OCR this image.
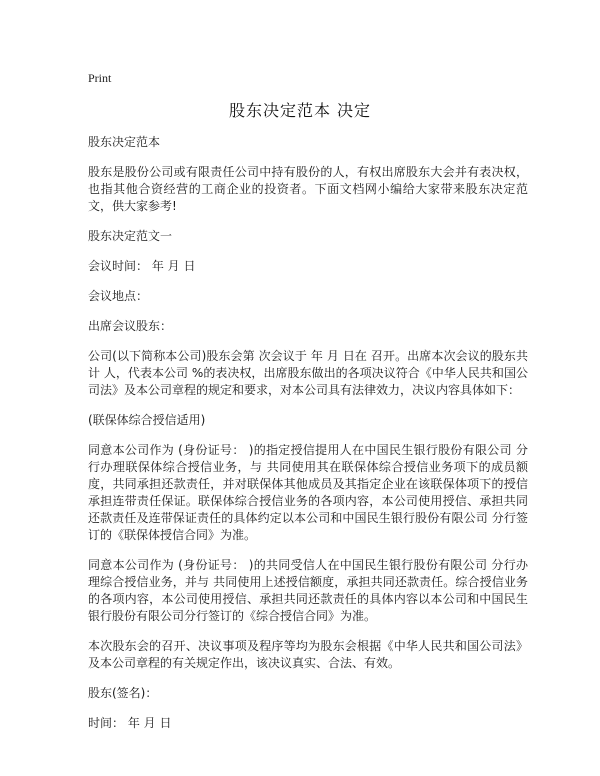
Print
股东决定范本 决定

股东决定范本

股东是股份公司或有限责任公司中持有股份的人，有权出席股东大会并有表决权，也指其他合资经营的工商企业的投资者。下面文档网小编给大家带来股东决定范文，供大家参考!

股东决定范文一

会议时间： 年 月 日

会议地点：

出席会议股东：

公司(以下简称本公司)股东会第 次会议于 年 月 日在 召开。出席本次会议的股东共计 人，代表本公司 %的表决权，出席股东做出的各项决议符合《中华人民共和国公司法》及本公司章程的规定和要求，对本公司具有法律效力，决议内容具体如下：

(联保体综合授信适用)

同意本公司作为 (身份证号： )的指定授信提用人在中国民生银行股份有限公司 分行办理联保体综合授信业务，与 共同使用其在联保体综合授信业务项下的成员额度，共同承担还款责任，并对联保体其他成员及其指定企业在该联保体项下的授信承担连带责任保证。联保体综合授信业务的各项内容，本公司使用授信、承担共同还款责任及连带保证责任的具体约定以本公司和中国民生银行股份有限公司 分行签订的《联保体授信合同》为准。

同意本公司作为 (身份证号： )的共同受信人在中国民生银行股份有限公司 分行办理综合授信业务，并与 共同使用上述授信额度，承担共同还款责任。综合授信业务的各项内容，本公司使用授信、承担共同还款责任的具体内容以本公司和中国民生银行股份有限公司分行签订的《综合授信合同》为准。

本次股东会的召开、决议事项及程序等均为股东会根据《中华人民共和国公司法》及本公司章程的有关规定作出，该决议真实、合法、有效。

股东(签名)：

时间： 年 月 日
